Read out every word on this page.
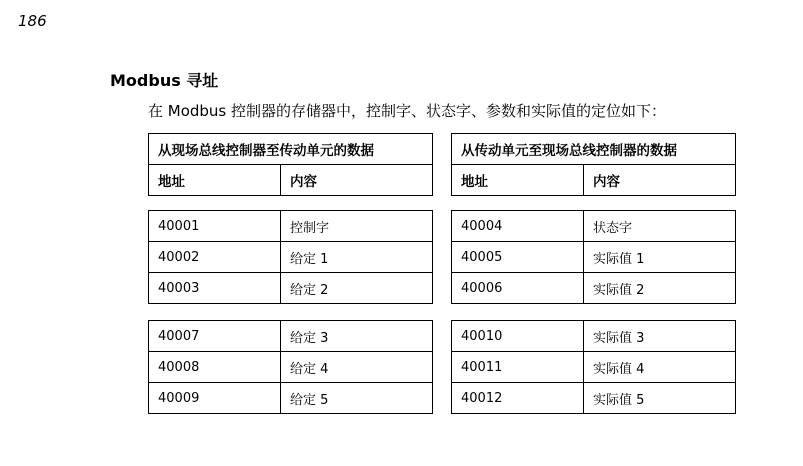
186
Modbus 寻址
在 Modbus 控制器的存储器中，控制字、状态字、参数和实际值的定位如下：
从现场总线控制器至传动单元的数据
地址	内容
40001	控制字
40002	给定 1
40003	给定 2
40007	给定 3
40008	给定 4
40009	给定 5
从传动单元至现场总线控制器的数据
地址	内容
40004	状态字
40005	实际值 1
40006	实际值 2
40010	实际值 3
40011	实际值 4
40012	实际值 5
